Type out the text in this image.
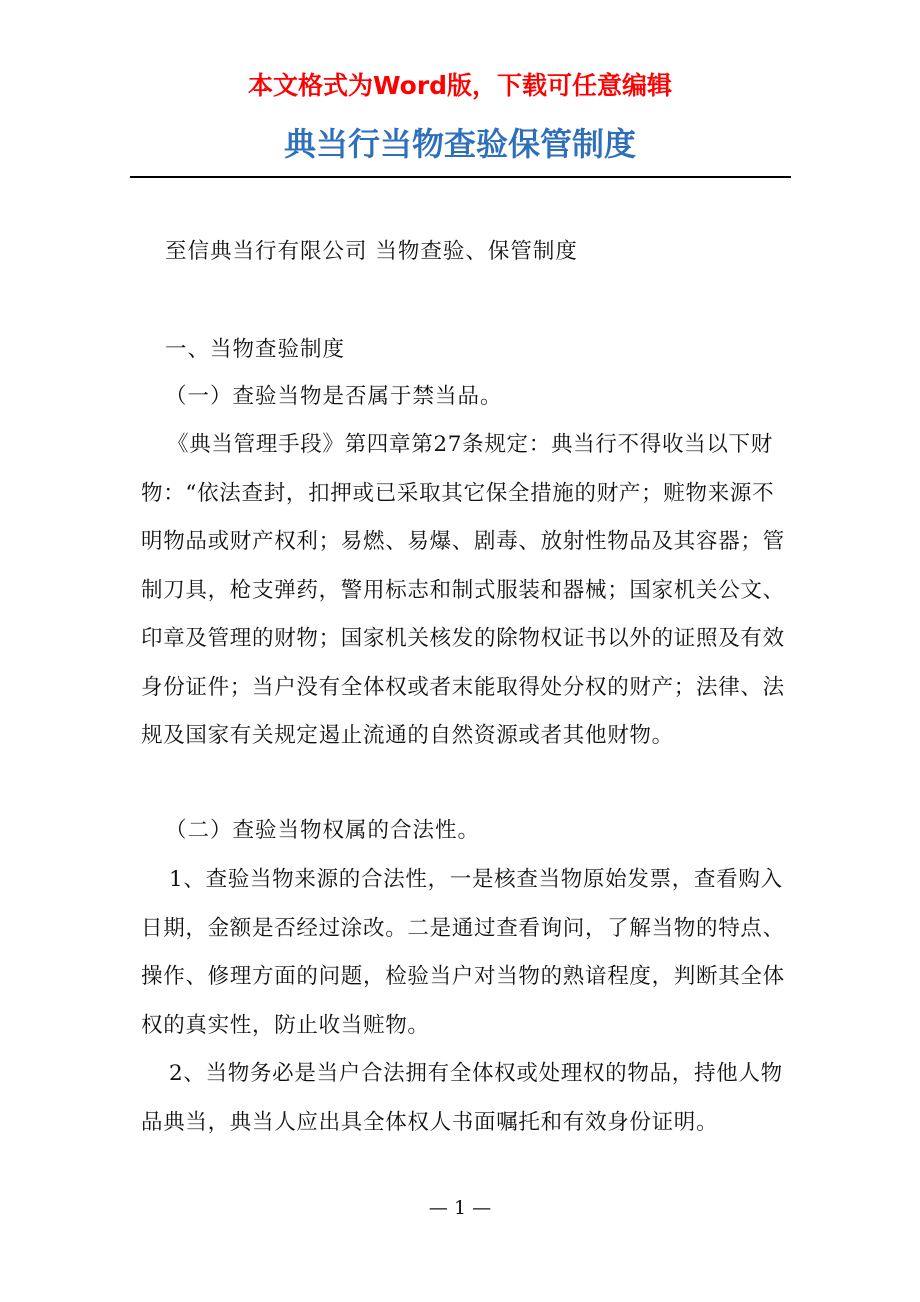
本文格式为Word版，下载可任意编辑
典当行当物查验保管制度
至信典当行有限公司 当物查验、保管制度
一、当物查验制度
（一）查验当物是否属于禁当品。
《典当管理手段》第四章第27条规定：典当行不得收当以下财物：“依法查封，扣押或已采取其它保全措施的财产；赃物来源不明物品或财产权利；易燃、易爆、剧毒、放射性物品及其容器；管制刀具，枪支弹药，警用标志和制式服装和器械；国家机关公文、印章及管理的财物；国家机关核发的除物权证书以外的证照及有效身份证件；当户没有全体权或者末能取得处分权的财产；法律、法规及国家有关规定遏止流通的自然资源或者其他财物。
（二）查验当物权属的合法性。
1、查验当物来源的合法性，一是核查当物原始发票，查看购入日期，金额是否经过涂改。二是通过查看询问，了解当物的特点、操作、修理方面的问题，检验当户对当物的熟谙程度，判断其全体权的真实性，防止收当赃物。
2、当物务必是当户合法拥有全体权或处理权的物品，持他人物品典当，典当人应出具全体权人书面嘱托和有效身份证明。
— 1 —
